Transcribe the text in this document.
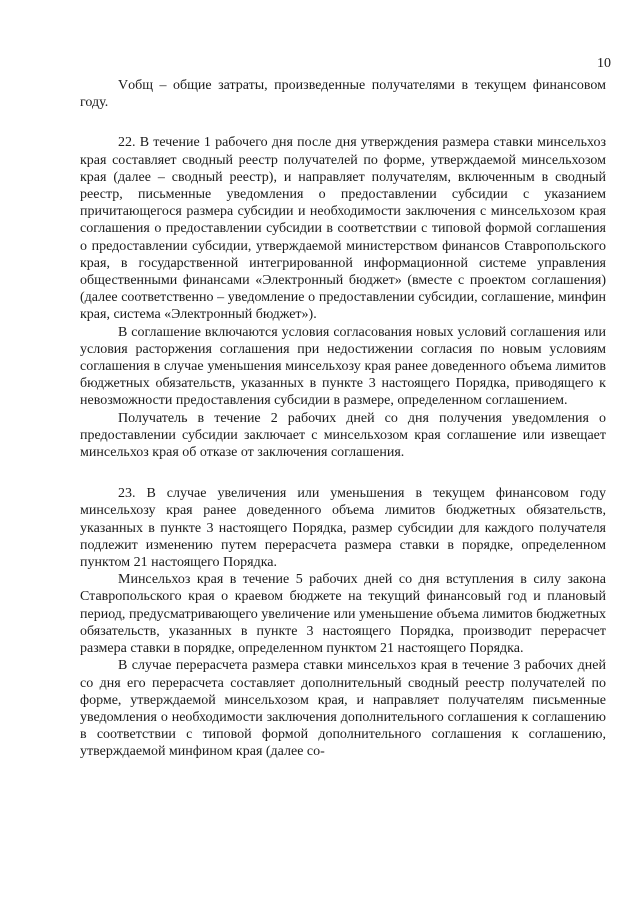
10

Vобщ – общие затраты, произведенные получателями в текущем финансовом году.

22. В течение 1 рабочего дня после дня утверждения размера ставки минсельхоз края составляет сводный реестр получателей по форме, утверждаемой минсельхозом края (далее – сводный реестр), и направляет получателям, включенным в сводный реестр, письменные уведомления о предоставлении субсидии с указанием причитающегося размера субсидии и необходимости заключения с минсельхозом края соглашения о предоставлении субсидии в соответствии с типовой формой соглашения о предоставлении субсидии, утверждаемой министерством финансов Ставропольского края, в государственной интегрированной информационной системе управления общественными финансами «Электронный бюджет» (вместе с проектом соглашения) (далее соответственно – уведомление о предоставлении субсидии, соглашение, минфин края, система «Электронный бюджет»).

В соглашение включаются условия согласования новых условий соглашения или условия расторжения соглашения при недостижении согласия по новым условиям соглашения в случае уменьшения минсельхозу края ранее доведенного объема лимитов бюджетных обязательств, указанных в пункте 3 настоящего Порядка, приводящего к невозможности предоставления субсидии в размере, определенном соглашением.

Получатель в течение 2 рабочих дней со дня получения уведомления о предоставлении субсидии заключает с минсельхозом края соглашение или извещает минсельхоз края об отказе от заключения соглашения.

23. В случае увеличения или уменьшения в текущем финансовом году минсельхозу края ранее доведенного объема лимитов бюджетных обязательств, указанных в пункте 3 настоящего Порядка, размер субсидии для каждого получателя подлежит изменению путем перерасчета размера ставки в порядке, определенном пунктом 21 настоящего Порядка.

Минсельхоз края в течение 5 рабочих дней со дня вступления в силу закона Ставропольского края о краевом бюджете на текущий финансовый год и плановый период, предусматривающего увеличение или уменьшение объема лимитов бюджетных обязательств, указанных в пункте 3 настоящего Порядка, производит перерасчет размера ставки в порядке, определенном пунктом 21 настоящего Порядка.

В случае перерасчета размера ставки минсельхоз края в течение 3 рабочих дней со дня его перерасчета составляет дополнительный сводный реестр получателей по форме, утверждаемой минсельхозом края, и направляет получателям письменные уведомления о необходимости заключения дополнительного соглашения к соглашению в соответствии с типовой формой дополнительного соглашения к соглашению, утверждаемой минфином края (далее со-
